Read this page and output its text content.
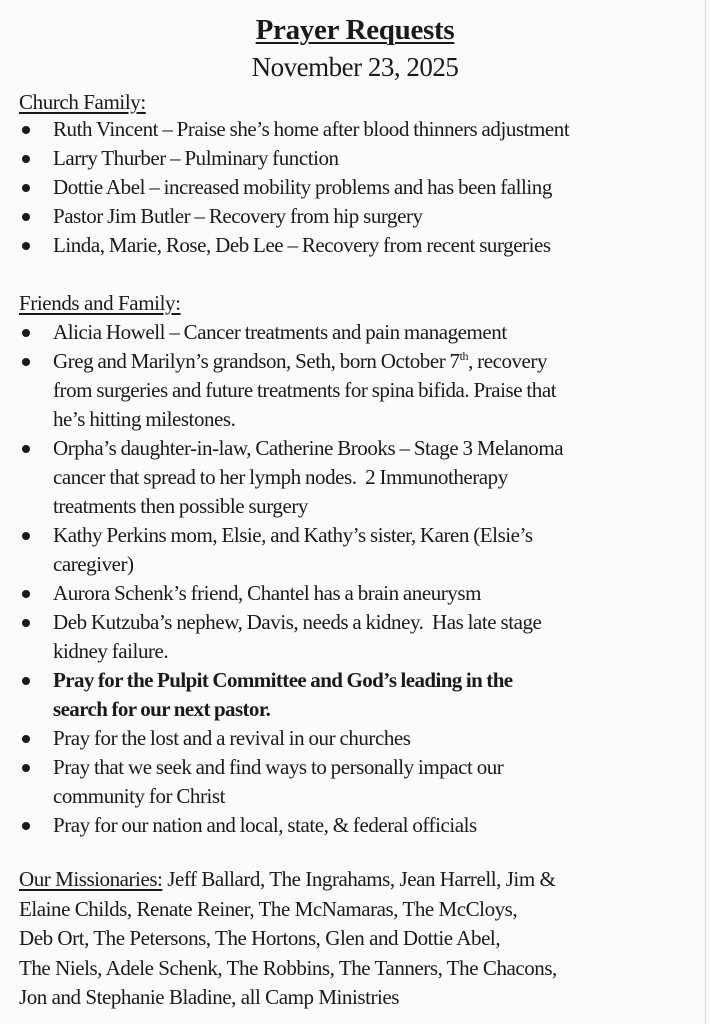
Prayer Requests
November 23, 2025
Church Family:
Ruth Vincent – Praise she’s home after blood thinners adjustment
Larry Thurber – Pulminary function
Dottie Abel – increased mobility problems and has been falling
Pastor Jim Butler – Recovery from hip surgery
Linda, Marie, Rose, Deb Lee – Recovery from recent surgeries
Friends and Family:
Alicia Howell – Cancer treatments and pain management
Greg and Marilyn’s grandson, Seth, born October 7th, recovery
from surgeries and future treatments for spina bifida. Praise that
he’s hitting milestones.
Orpha’s daughter-in-law, Catherine Brooks – Stage 3 Melanoma
cancer that spread to her lymph nodes.  2 Immunotherapy
treatments then possible surgery
Kathy Perkins mom, Elsie, and Kathy’s sister, Karen (Elsie’s
caregiver)
Aurora Schenk’s friend, Chantel has a brain aneurysm
Deb Kutzuba’s nephew, Davis, needs a kidney.  Has late stage
kidney failure.
Pray for the Pulpit Committee and God’s leading in the
search for our next pastor.
Pray for the lost and a revival in our churches
Pray that we seek and find ways to personally impact our
community for Christ
Pray for our nation and local, state, & federal officials
Our Missionaries: Jeff Ballard, The Ingrahams, Jean Harrell, Jim &
Elaine Childs, Renate Reiner, The McNamaras, The McCloys,
Deb Ort, The Petersons, The Hortons, Glen and Dottie Abel,
The Niels, Adele Schenk, The Robbins, The Tanners, The Chacons,
Jon and Stephanie Bladine, all Camp Ministries
